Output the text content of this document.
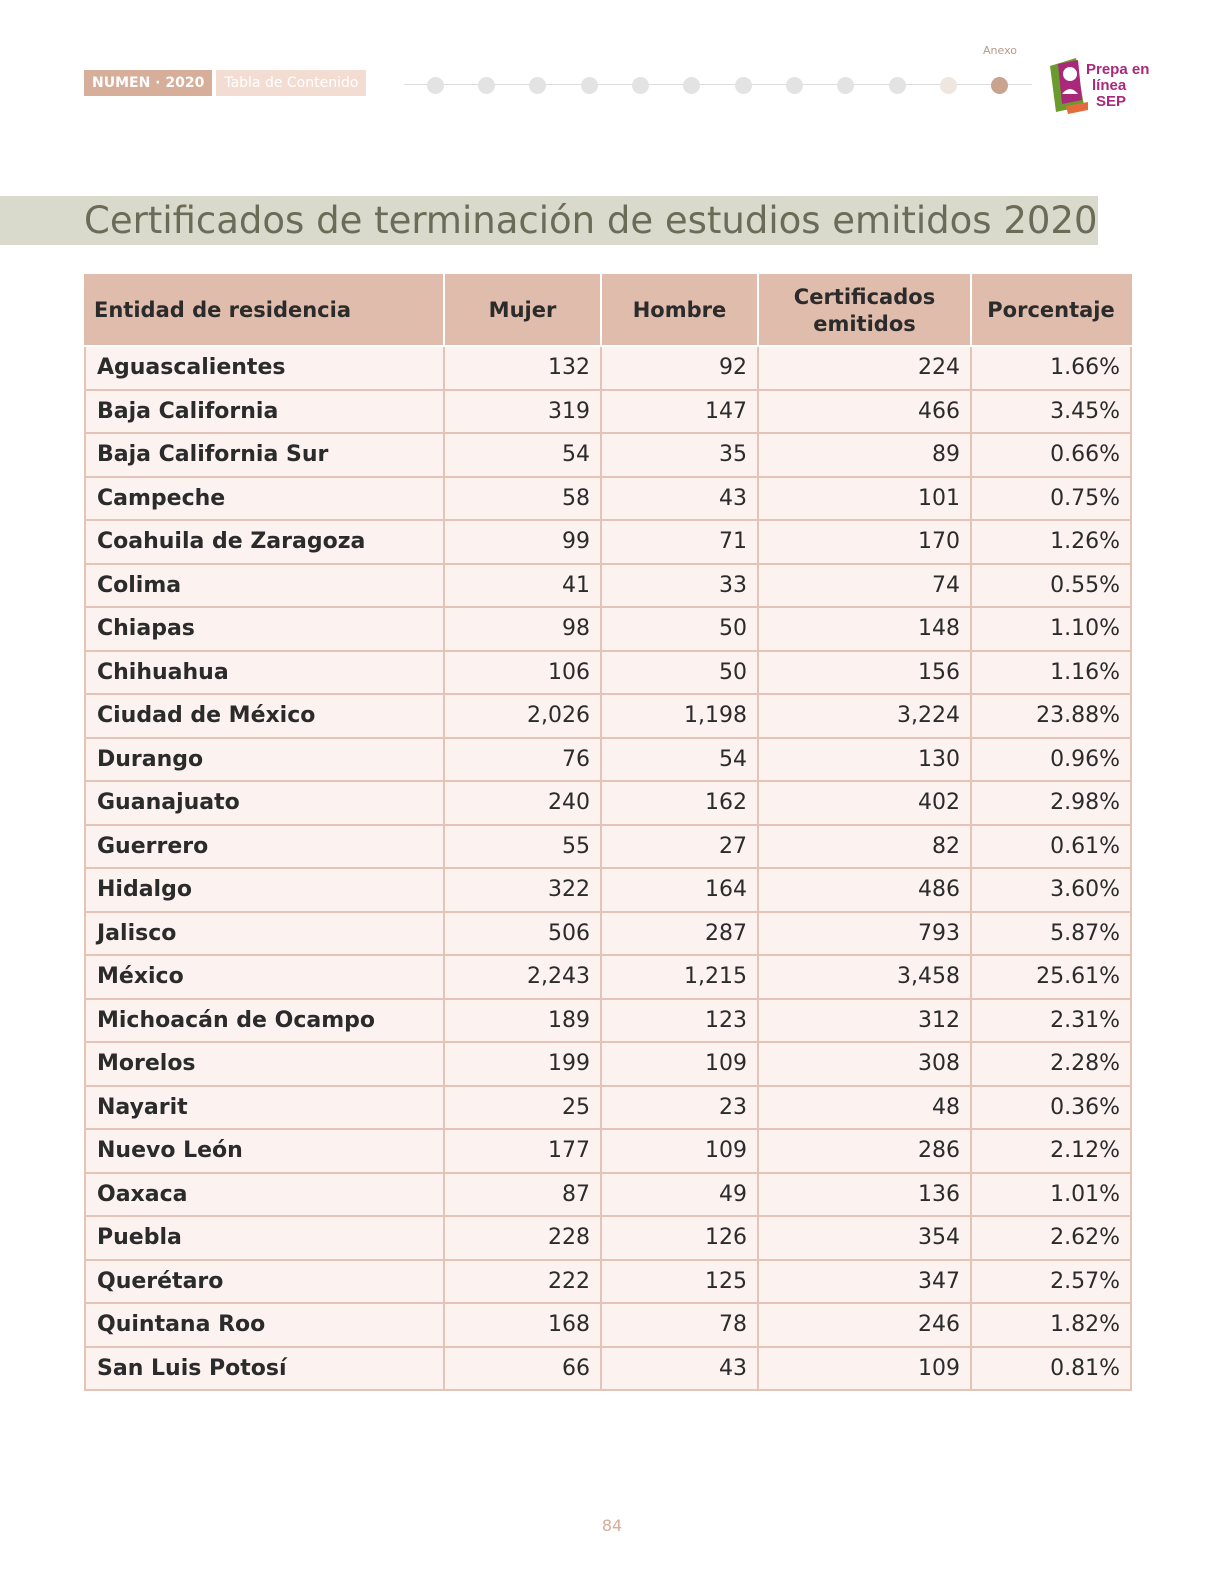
NUMEN · 2020	Tabla de Contenido
Anexo
Prepa en
línea
SEP
Certificados de terminación de estudios emitidos 2020
Entidad de residencia	Mujer	Hombre	Certificados emitidos	Porcentaje
Aguascalientes	132	92	224	1.66%
Baja California	319	147	466	3.45%
Baja California Sur	54	35	89	0.66%
Campeche	58	43	101	0.75%
Coahuila de Zaragoza	99	71	170	1.26%
Colima	41	33	74	0.55%
Chiapas	98	50	148	1.10%
Chihuahua	106	50	156	1.16%
Ciudad de México	2,026	1,198	3,224	23.88%
Durango	76	54	130	0.96%
Guanajuato	240	162	402	2.98%
Guerrero	55	27	82	0.61%
Hidalgo	322	164	486	3.60%
Jalisco	506	287	793	5.87%
México	2,243	1,215	3,458	25.61%
Michoacán de Ocampo	189	123	312	2.31%
Morelos	199	109	308	2.28%
Nayarit	25	23	48	0.36%
Nuevo León	177	109	286	2.12%
Oaxaca	87	49	136	1.01%
Puebla	228	126	354	2.62%
Querétaro	222	125	347	2.57%
Quintana Roo	168	78	246	1.82%
San Luis Potosí	66	43	109	0.81%
84
